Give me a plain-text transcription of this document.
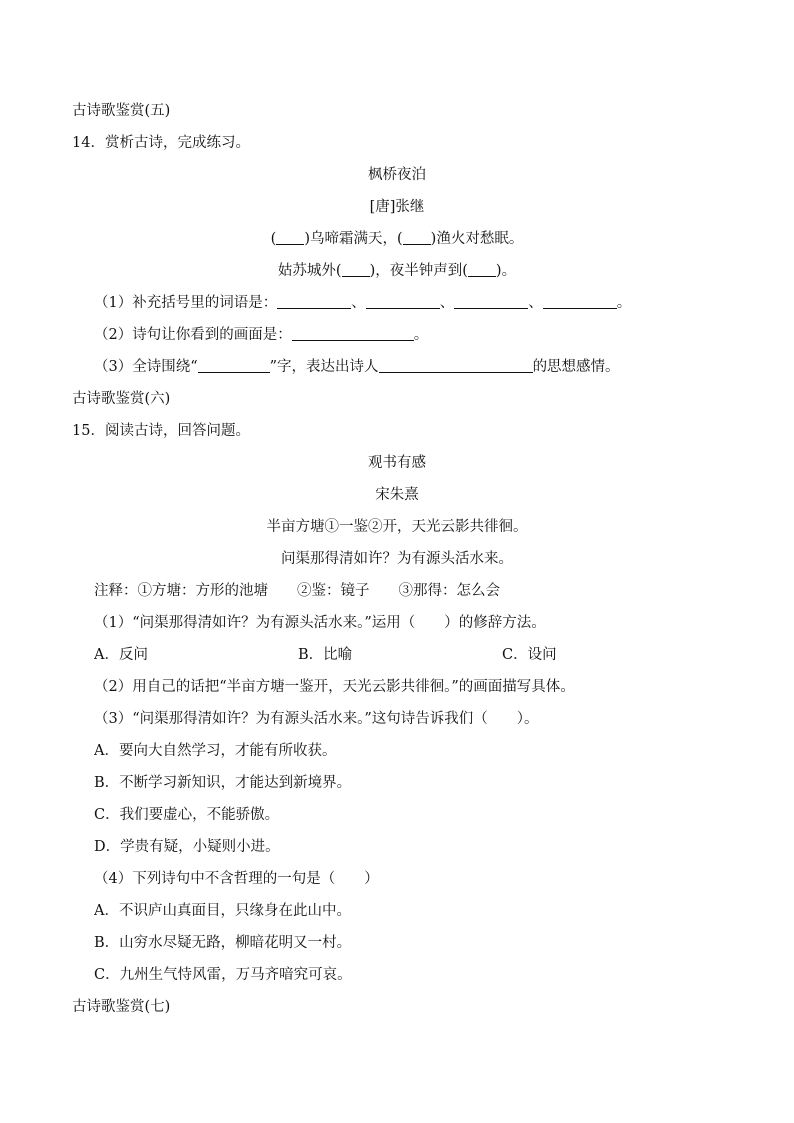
古诗歌鉴赏(五)
14．赏析古诗，完成练习。
枫桥夜泊
[唐]张继
( )乌啼霜满天，( )渔火对愁眠。
姑苏城外( )，夜半钟声到( )。
（1）补充括号里的词语是：	、	、	、	。
（2）诗句让你看到的画面是：	。
（3）全诗围绕“	”字，表达出诗人	的思想感情。
古诗歌鉴赏(六)
15．阅读古诗，回答问题。
观书有感
宋朱熹
半亩方塘①一鉴②开，天光云影共徘徊。
问渠那得清如许？为有源头活水来。
注释：①方塘：方形的池塘　　②鉴：镜子　　③那得：怎么会
（1）“问渠那得清如许？为有源头活水来。”运用（　　）的修辞方法。
A．反问	B．比喻	C．设问
（2）用自己的话把“半亩方塘一鉴开，天光云影共徘徊。”的画面描写具体。
（3）“问渠那得清如许？为有源头活水来。”这句诗告诉我们（　　）。
A．要向大自然学习，才能有所收获。
B．不断学习新知识，才能达到新境界。
C．我们要虚心，不能骄傲。
D．学贵有疑，小疑则小进。
（4）下列诗句中不含哲理的一句是（　　）
A．不识庐山真面目，只缘身在此山中。
B．山穷水尽疑无路，柳暗花明又一村。
C．九州生气恃风雷，万马齐喑究可哀。
古诗歌鉴赏(七)
